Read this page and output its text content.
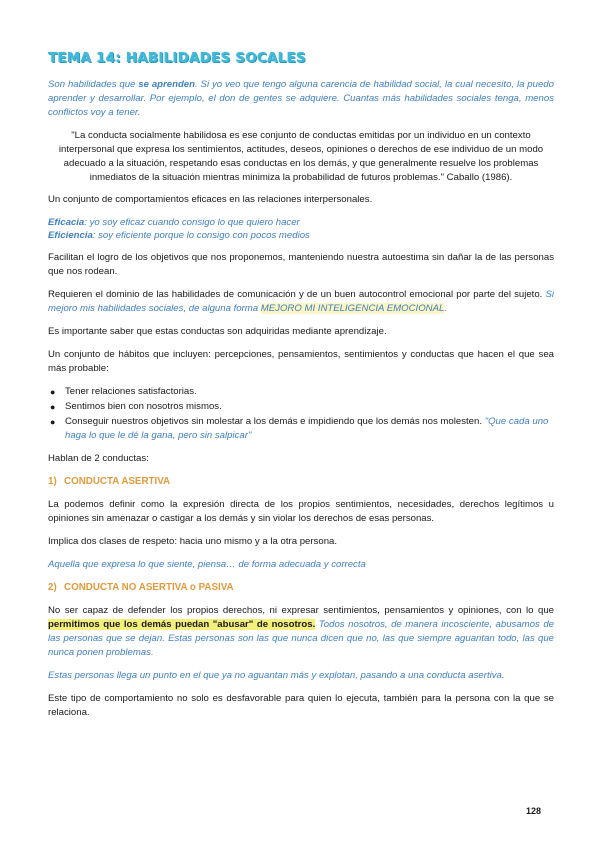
TEMA 14: HABILIDADES SOCALES

Son habilidades que se aprenden. Si yo veo que tengo alguna carencia de habilidad social, la cual necesito, la puedo aprender y desarrollar. Por ejemplo, el don de gentes se adquiere. Cuantas más habilidades sociales tenga, menos conflictos voy a tener.

"La conducta socialmente habilidosa es ese conjunto de conductas emitidas por un individuo en un contexto interpersonal que expresa los sentimientos, actitudes, deseos, opiniones o derechos de ese individuo de un modo adecuado a la situación, respetando esas conductas en los demás, y que generalmente resuelve los problemas inmediatos de la situación mientras minimiza la probabilidad de futuros problemas." Caballo (1986).

Un conjunto de comportamientos eficaces en las relaciones interpersonales.

Eficacia: yo soy eficaz cuando consigo lo que quiero hacer

Eficiencia: soy eficiente porque lo consigo con pocos medios

Facilitan el logro de los objetivos que nos proponemos, manteniendo nuestra autoestima sin dañar la de las personas que nos rodean.

Requieren el dominio de las habilidades de comunicación y de un buen autocontrol emocional por parte del sujeto. Si mejoro mis habilidades sociales, de alguna forma MEJORO MI INTELIGENCIA EMOCIONAL.

Es importante saber que estas conductas son adquiridas mediante aprendizaje.

Un conjunto de hábitos que incluyen: percepciones, pensamientos, sentimientos y conductas que hacen el que sea más probable:

● Tener relaciones satisfactorias.
● Sentimos bien con nosotros mismos.
● Conseguir nuestros objetivos sin molestar a los demás e impidiendo que los demás nos molesten. "Que cada uno haga lo que le dé la gana, pero sin salpicar"

Hablan de 2 conductas:

1) CONDUCTA ASERTIVA

La podemos definir como la expresión directa de los propios sentimientos, necesidades, derechos legítimos u opiniones sin amenazar o castigar a los demás y sin violar los derechos de esas personas.

Implica dos clases de respeto: hacia uno mismo y a la otra persona.

Aquella que expresa lo que siente, piensa… de forma adecuada y correcta

2) CONDUCTA NO ASERTIVA o PASIVA

No ser capaz de defender los propios derechos, ni expresar sentimientos, pensamientos y opiniones, con lo que permitimos que los demás puedan "abusar" de nosotros. Todos nosotros, de manera incosciente, abusamos de las personas que se dejan. Estas personas son las que nunca dicen que no, las que siempre aguantan todo, las que nunca ponen problemas.

Estas personas llega un punto en el que ya no aguantan más y explotan, pasando a una conducta asertiva.

Este tipo de comportamiento no solo es desfavorable para quien lo ejecuta, también para la persona con la que se relaciona.

128
